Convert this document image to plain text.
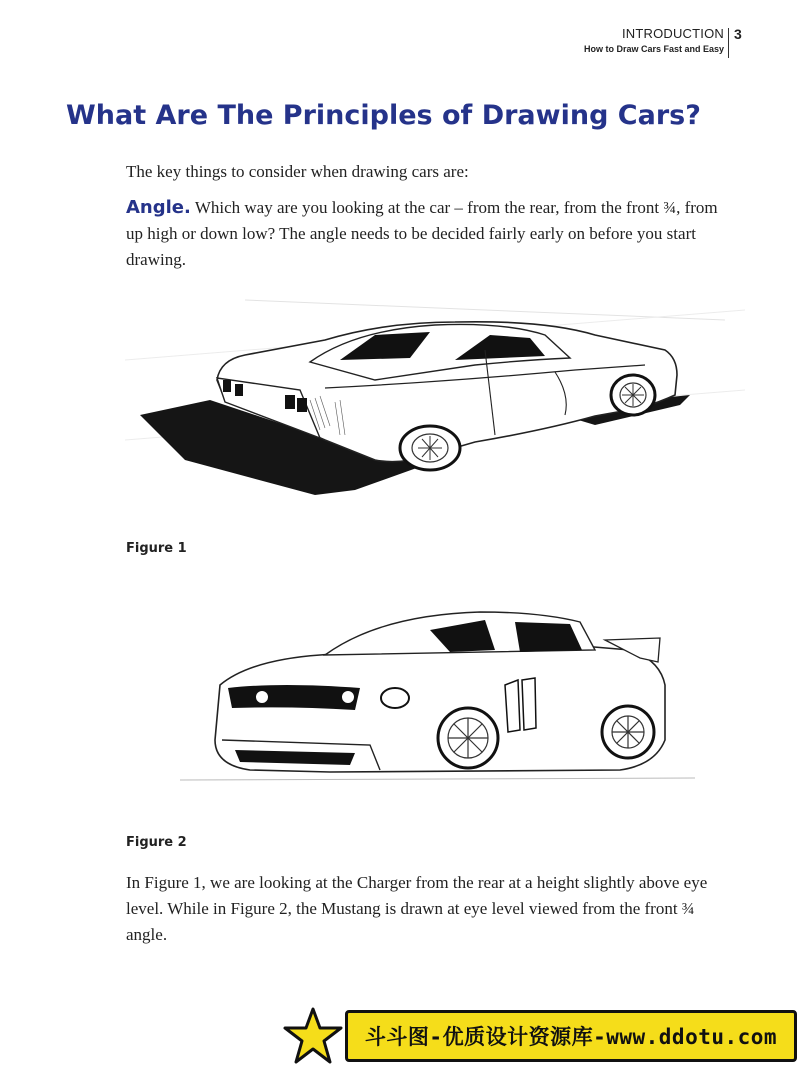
INTRODUCTION
How to Draw Cars Fast and Easy
3
What Are The Principles of Drawing Cars?

The key things to consider when drawing cars are:

Angle. Which way are you looking at the car – from the rear, from the front ¾, from up high or down low? The angle needs to be decided fairly early on before you start drawing.

Figure 1

Figure 2

In Figure 1, we are looking at the Charger from the rear at a height slightly above eye level. While in Figure 2, the Mustang is drawn at eye level viewed from the front ¾ angle.

斗斗图-优质设计资源库-www.ddotu.com
